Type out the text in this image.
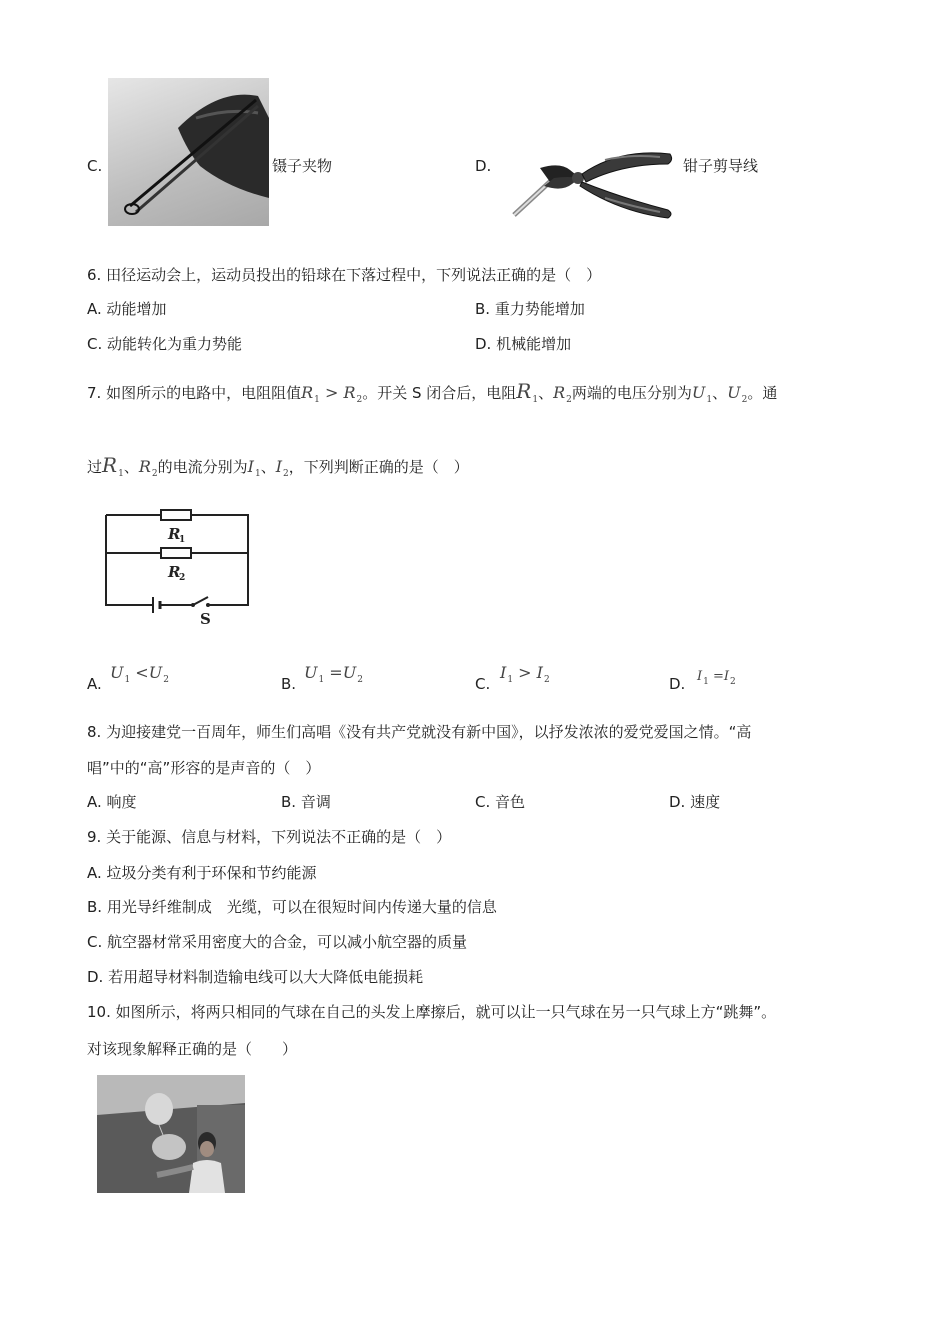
C.	镊子夹物	D.	钳子剪导线
6. 田径运动会上，运动员投出的铅球在下落过程中，下列说法正确的是（　）
A. 动能增加	B. 重力势能增加
C. 动能转化为重力势能	D. 机械能增加
7. 如图所示的电路中，电阻阻值$R_1 > R_2$。开关 S 闭合后，电阻$R_1$、$R_2$两端的电压分别为$U_1$、$U_2$。通
过$R_1$、$R_2$的电流分别为$I_1$、$I_2$，下列判断正确的是（　）
R
1
R
2
S
A.
$U_1 <U_2$	B.
$U_1 =U_2$	C.
$I_1 > I_2$	D. $I_1 =I_2$
8. 为迎接建党一百周年，师生们高唱《没有共产党就没有新中国》，以抒发浓浓的爱党爱国之情。“高
唱”中的“高”形容的是声音的（　）
A. 响度	B. 音调	C. 音色	D. 速度
9. 关于能源、信息与材料，下列说法不正确的是（　）
A. 垃圾分类有利于环保和节约能源
B. 用光导纤维制成　光缆，可以在很短时间内传递大量的信息
C. 航空器材常采用密度大的合金，可以减小航空器的质量
D. 若用超导材料制造输电线可以大大降低电能损耗
10. 如图所示，将两只相同的气球在自己的头发上摩擦后，就可以让一只气球在另一只气球上方“跳舞”。
对该现象解释正确的是（　　）
